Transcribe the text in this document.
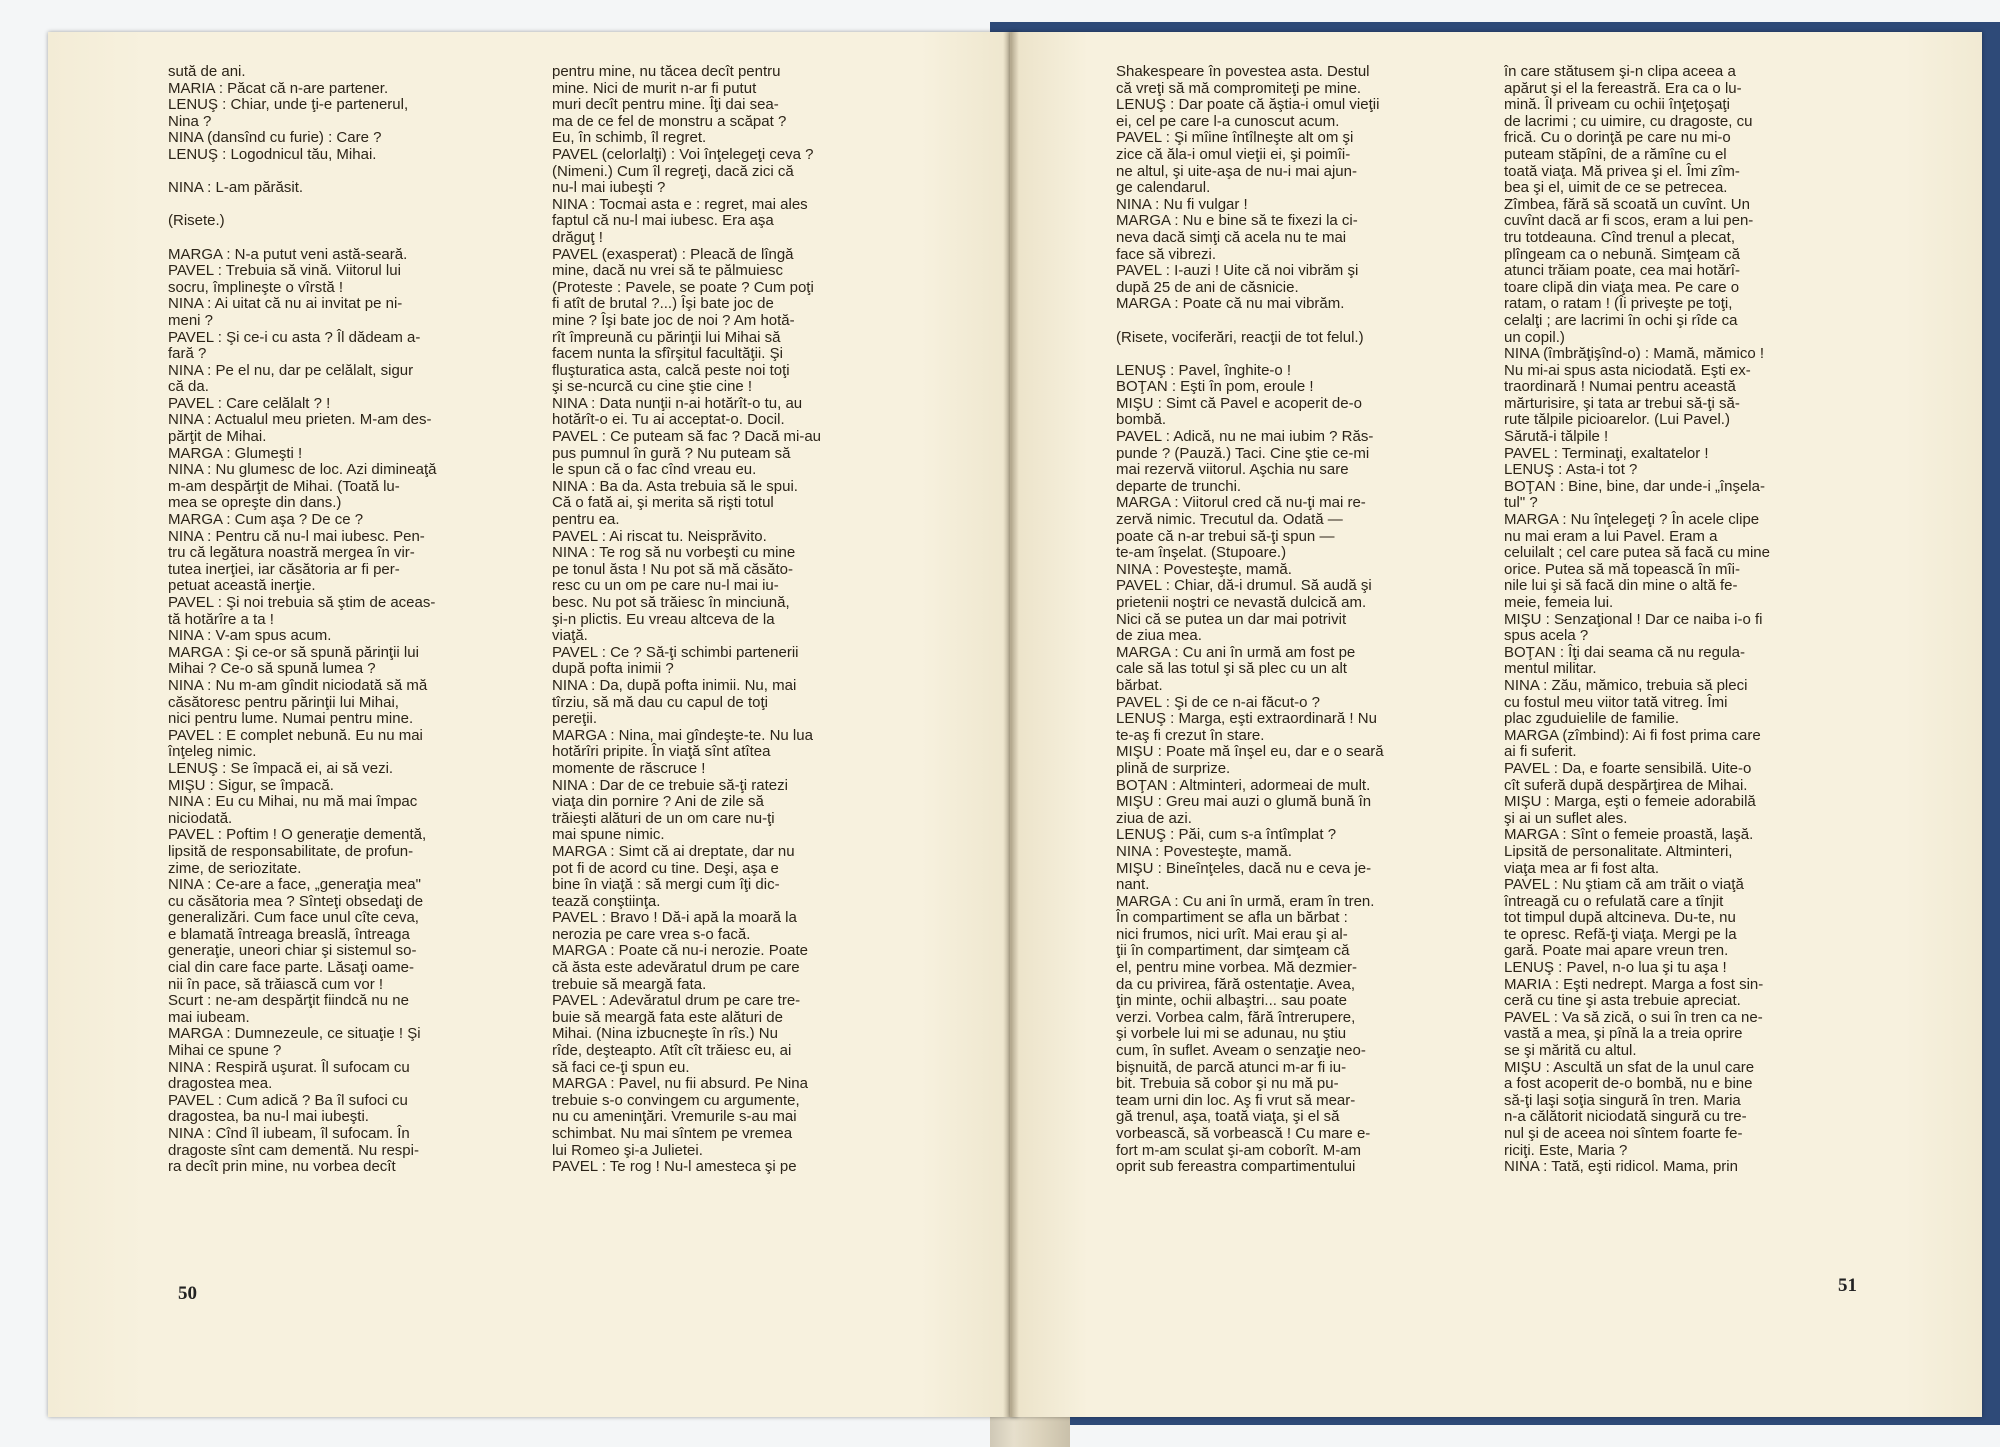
sută de ani.
MARIA : Păcat că n-are partener.
LENUŞ : Chiar, unde ţi-e partenerul,
Nina ?
NINA (dansînd cu furie) : Care ?
LENUŞ : Logodnicul tău, Mihai.

NINA : L-am părăsit.

(Risete.)

MARGA : N-a putut veni astă-seară.
PAVEL : Trebuia să vină. Viitorul lui
socru, împlineşte o vîrstă !
NINA : Ai uitat că nu ai invitat pe ni-
meni ?
PAVEL : Şi ce-i cu asta ? Îl dădeam a-
fară ?
NINA : Pe el nu, dar pe celălalt, sigur
că da.
PAVEL : Care celălalt ? !
NINA : Actualul meu prieten. M-am des-
părţit de Mihai.
MARGA : Glumeşti !
NINA : Nu glumesc de loc. Azi dimineaţă
m-am despărţit de Mihai. (Toată lu-
mea se opreşte din dans.)
MARGA : Cum aşa ? De ce ?
NINA : Pentru că nu-l mai iubesc. Pen-
tru că legătura noastră mergea în vir-
tutea inerţiei, iar căsătoria ar fi per-
petuat această inerţie.
PAVEL : Şi noi trebuia să ştim de aceas-
tă hotărîre a ta !
NINA : V-am spus acum.
MARGA : Şi ce-or să spună părinţii lui
Mihai ? Ce-o să spună lumea ?
NINA : Nu m-am gîndit niciodată să mă
căsătoresc pentru părinţii lui Mihai,
nici pentru lume. Numai pentru mine.
PAVEL : E complet nebună. Eu nu mai
înţeleg nimic.
LENUŞ : Se împacă ei, ai să vezi.
MIŞU : Sigur, se împacă.
NINA : Eu cu Mihai, nu mă mai împac
niciodată.
PAVEL : Poftim ! O generaţie dementă,
lipsită de responsabilitate, de profun-
zime, de seriozitate.
NINA : Ce-are a face, „generaţia mea"
cu căsătoria mea ? Sînteţi obsedaţi de
generalizări. Cum face unul cîte ceva,
e blamată întreaga breaslă, întreaga
generaţie, uneori chiar şi sistemul so-
cial din care face parte. Lăsaţi oame-
nii în pace, să trăiască cum vor !
Scurt : ne-am despărţit fiindcă nu ne
mai iubeam.
MARGA : Dumnezeule, ce situaţie ! Şi
Mihai ce spune ?
NINA : Respiră uşurat. Îl sufocam cu
dragostea mea.
PAVEL : Cum adică ? Ba îl sufoci cu
dragostea, ba nu-l mai iubeşti.
NINA : Cînd îl iubeam, îl sufocam. În
dragoste sînt cam dementă. Nu respi-
ra decît prin mine, nu vorbea decît
pentru mine, nu tăcea decît pentru
mine. Nici de murit n-ar fi putut
muri decît pentru mine. Îţi dai sea-
ma de ce fel de monstru a scăpat ?
Eu, în schimb, îl regret.
PAVEL (celorlalţi) : Voi înţelegeţi ceva ?
(Nimeni.) Cum îl regreţi, dacă zici că
nu-l mai iubeşti ?
NINA : Tocmai asta e : regret, mai ales
faptul că nu-l mai iubesc. Era aşa
drăguţ !
PAVEL (exasperat) : Pleacă de lîngă
mine, dacă nu vrei să te pălmuiesc
(Proteste : Pavele, se poate ? Cum poţi
fi atît de brutal ?...) Îşi bate joc de
mine ? Îşi bate joc de noi ? Am hotă-
rît împreună cu părinţii lui Mihai să
facem nunta la sfîrşitul facultăţii. Şi
fluşturatica asta, calcă peste noi toţi
şi se-ncurcă cu cine ştie cine !
NINA : Data nunţii n-ai hotărît-o tu, au
hotărît-o ei. Tu ai acceptat-o. Docil.
PAVEL : Ce puteam să fac ? Dacă mi-au
pus pumnul în gură ? Nu puteam să
le spun că o fac cînd vreau eu.
NINA : Ba da. Asta trebuia să le spui.
Că o fată ai, şi merita să rişti totul
pentru ea.
PAVEL : Ai riscat tu. Neisprăvito.
NINA : Te rog să nu vorbeşti cu mine
pe tonul ăsta ! Nu pot să mă căsăto-
resc cu un om pe care nu-l mai iu-
besc. Nu pot să trăiesc în minciună,
şi-n plictis. Eu vreau altceva de la
viaţă.
PAVEL : Ce ? Să-ţi schimbi partenerii
după pofta inimii ?
NINA : Da, după pofta inimii. Nu, mai
tîrziu, să mă dau cu capul de toţi
pereţii.
MARGA : Nina, mai gîndeşte-te. Nu lua
hotărîri pripite. În viaţă sînt atîtea
momente de răscruce !
NINA : Dar de ce trebuie să-ţi ratezi
viaţa din pornire ? Ani de zile să
trăieşti alături de un om care nu-ţi
mai spune nimic.
MARGA : Simt că ai dreptate, dar nu
pot fi de acord cu tine. Deşi, aşa e
bine în viaţă : să mergi cum îţi dic-
tează conştiinţa.
PAVEL : Bravo ! Dă-i apă la moară la
nerozia pe care vrea s-o facă.
MARGA : Poate că nu-i nerozie. Poate
că ăsta este adevăratul drum pe care
trebuie să meargă fata.
PAVEL : Adevăratul drum pe care tre-
buie să meargă fata este alături de
Mihai. (Nina izbucneşte în rîs.) Nu
rîde, deşteapto. Atît cît trăiesc eu, ai
să faci ce-ţi spun eu.
MARGA : Pavel, nu fii absurd. Pe Nina
trebuie s-o convingem cu argumente,
nu cu ameninţări. Vremurile s-au mai
schimbat. Nu mai sîntem pe vremea
lui Romeo şi-a Julietei.
PAVEL : Te rog ! Nu-l amesteca şi pe
Shakespeare în povestea asta. Destul
că vreţi să mă compromiteţi pe mine.
LENUŞ : Dar poate că ăştia-i omul vieţii
ei, cel pe care l-a cunoscut acum.
PAVEL : Şi mîine întîlneşte alt om şi
zice că ăla-i omul vieţii ei, şi poimîi-
ne altul, şi uite-aşa de nu-i mai ajun-
ge calendarul.
NINA : Nu fi vulgar !
MARGA : Nu e bine să te fixezi la ci-
neva dacă simţi că acela nu te mai
face să vibrezi.
PAVEL : I-auzi ! Uite că noi vibrăm şi
după 25 de ani de căsnicie.
MARGA : Poate că nu mai vibrăm.

(Risete, vociferări, reacţii de tot felul.)

LENUŞ : Pavel, înghite-o !
BOŢAN : Eşti în pom, eroule !
MIŞU : Simt că Pavel e acoperit de-o
bombă.
PAVEL : Adică, nu ne mai iubim ? Răs-
punde ? (Pauză.) Taci. Cine ştie ce-mi
mai rezervă viitorul. Aşchia nu sare
departe de trunchi.
MARGA : Viitorul cred că nu-ţi mai re-
zervă nimic. Trecutul da. Odată —
poate că n-ar trebui să-ţi spun —
te-am înşelat. (Stupoare.)
NINA : Povesteşte, mamă.
PAVEL : Chiar, dă-i drumul. Să audă şi
prietenii noştri ce nevastă dulcică am.
Nici că se putea un dar mai potrivit
de ziua mea.
MARGA : Cu ani în urmă am fost pe
cale să las totul şi să plec cu un alt
bărbat.
PAVEL : Şi de ce n-ai făcut-o ?
LENUŞ : Marga, eşti extraordinară ! Nu
te-aş fi crezut în stare.
MIŞU : Poate mă înşel eu, dar e o seară
plină de surprize.
BOŢAN : Altminteri, adormeai de mult.
MIŞU : Greu mai auzi o glumă bună în
ziua de azi.
LENUŞ : Păi, cum s-a întîmplat ?
NINA : Povesteşte, mamă.
MIŞU : Bineînţeles, dacă nu e ceva je-
nant.
MARGA : Cu ani în urmă, eram în tren.
În compartiment se afla un bărbat :
nici frumos, nici urît. Mai erau şi al-
ţii în compartiment, dar simţeam că
el, pentru mine vorbea. Mă dezmier-
da cu privirea, fără ostentaţie. Avea,
ţin minte, ochii albaştri... sau poate
verzi. Vorbea calm, fără întrerupere,
şi vorbele lui mi se adunau, nu ştiu
cum, în suflet. Aveam o senzaţie neo-
bişnuită, de parcă atunci m-ar fi iu-
bit. Trebuia să cobor şi nu mă pu-
team urni din loc. Aş fi vrut să mear-
gă trenul, aşa, toată viaţa, şi el să
vorbească, să vorbească ! Cu mare e-
fort m-am sculat şi-am coborît. M-am
oprit sub fereastra compartimentului
în care stătusem şi-n clipa aceea a
apărut şi el la fereastră. Era ca o lu-
mină. Îl priveam cu ochii înţeţoşaţi
de lacrimi ; cu uimire, cu dragoste, cu
frică. Cu o dorinţă pe care nu mi-o
puteam stăpîni, de a rămîne cu el
toată viaţa. Mă privea şi el. Îmi zîm-
bea şi el, uimit de ce se petrecea.
Zîmbea, fără să scoată un cuvînt. Un
cuvînt dacă ar fi scos, eram a lui pen-
tru totdeauna. Cînd trenul a plecat,
plîngeam ca o nebună. Simţeam că
atunci trăiam poate, cea mai hotărî-
toare clipă din viaţa mea. Pe care o
ratam, o ratam ! (Îi priveşte pe toţi,
celalţi ; are lacrimi în ochi şi rîde ca
un copil.)
NINA (îmbrăţişînd-o) : Mamă, mămico !
Nu mi-ai spus asta niciodată. Eşti ex-
traordinară ! Numai pentru această
mărturisire, şi tata ar trebui să-ţi să-
rute tălpile picioarelor. (Lui Pavel.)
Sărută-i tălpile !
PAVEL : Terminaţi, exaltatelor !
LENUŞ : Asta-i tot ?
BOŢAN : Bine, bine, dar unde-i „înşela-
tul" ?
MARGA : Nu înţelegeţi ? În acele clipe
nu mai eram a lui Pavel. Eram a
celuilalt ; cel care putea să facă cu mine
orice. Putea să mă topească în mîi-
nile lui şi să facă din mine o altă fe-
meie, femeia lui.
MIŞU : Senzaţional ! Dar ce naiba i-o fi
spus acela ?
BOŢAN : Îţi dai seama că nu regula-
mentul militar.
NINA : Zău, mămico, trebuia să pleci
cu fostul meu viitor tată vitreg. Îmi
plac zguduielile de familie.
MARGA (zîmbind): Ai fi fost prima care
ai fi suferit.
PAVEL : Da, e foarte sensibilă. Uite-o
cît suferă după despărţirea de Mihai.
MIŞU : Marga, eşti o femeie adorabilă
şi ai un suflet ales.
MARGA : Sînt o femeie proastă, laşă.
Lipsită de personalitate. Altminteri,
viaţa mea ar fi fost alta.
PAVEL : Nu ştiam că am trăit o viaţă
întreagă cu o refulată care a tînjit
tot timpul după altcineva. Du-te, nu
te opresc. Refă-ţi viaţa. Mergi pe la
gară. Poate mai apare vreun tren.
LENUŞ : Pavel, n-o lua şi tu aşa !
MARIA : Eşti nedrept. Marga a fost sin-
ceră cu tine şi asta trebuie apreciat.
PAVEL : Va să zică, o sui în tren ca ne-
vastă a mea, şi pînă la a treia oprire
se şi mărită cu altul.
MIŞU : Ascultă un sfat de la unul care
a fost acoperit de-o bombă, nu e bine
să-ţi laşi soţia singură în tren. Maria
n-a călătorit niciodată singură cu tre-
nul şi de aceea noi sîntem foarte fe-
riciţi. Este, Maria ?
NINA : Tată, eşti ridicol. Mama, prin
50	51
